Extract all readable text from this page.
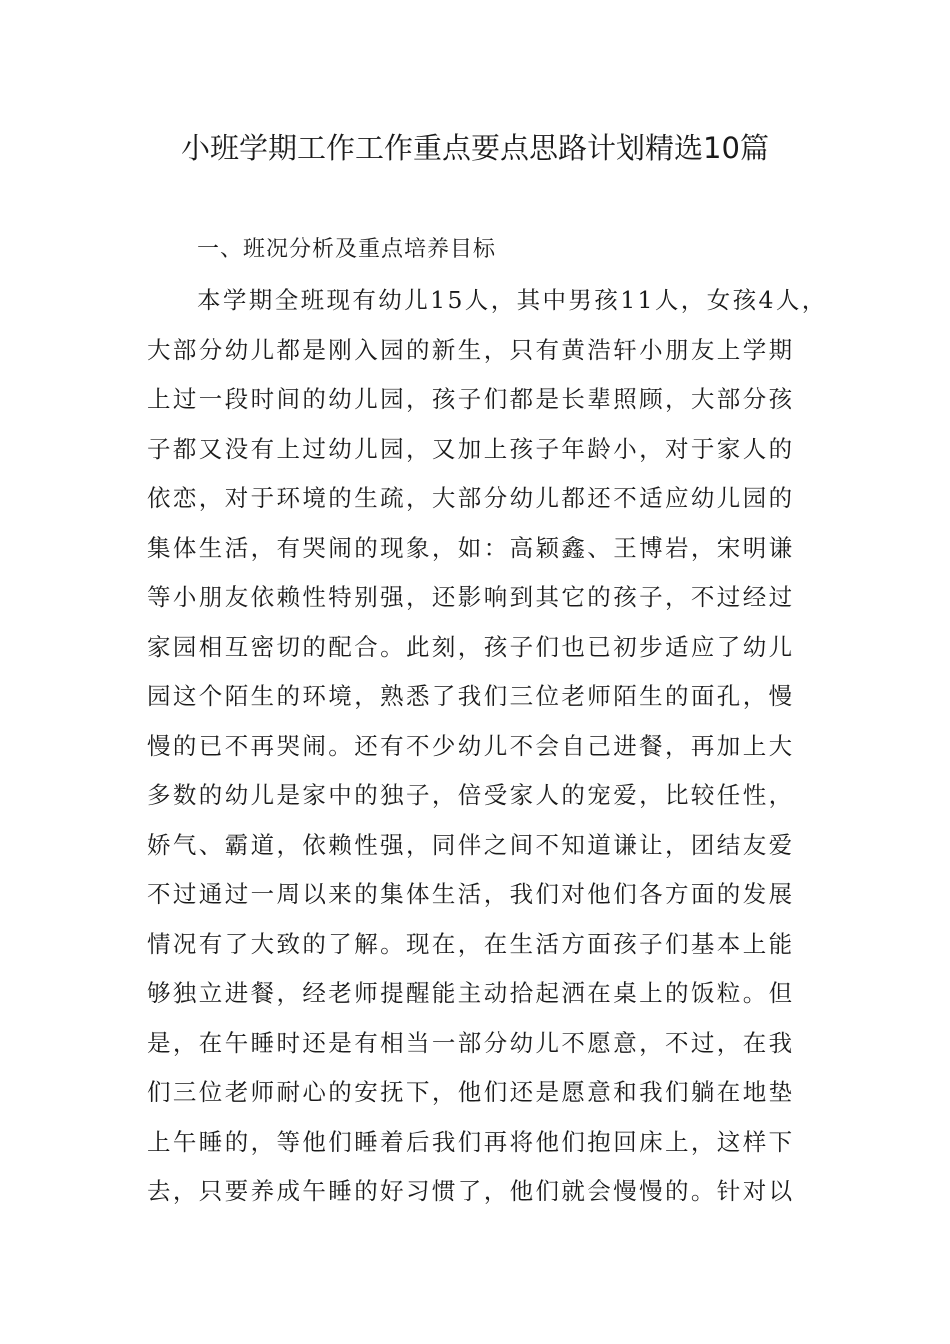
小班学期工作工作重点要点思路计划精选10篇
一、班况分析及重点培养目标
本学期全班现有幼儿15人，其中男孩11人，女孩4人，
大部分幼儿都是刚入园的新生，只有黄浩轩小朋友上学期
上过一段时间的幼儿园，孩子们都是长辈照顾，大部分孩
子都又没有上过幼儿园，又加上孩子年龄小，对于家人的
依恋，对于环境的生疏，大部分幼儿都还不适应幼儿园的
集体生活，有哭闹的现象，如：高颖鑫、王博岩，宋明谦
等小朋友依赖性特别强，还影响到其它的孩子，不过经过
家园相互密切的配合。此刻，孩子们也已初步适应了幼儿
园这个陌生的环境，熟悉了我们三位老师陌生的面孔，慢
慢的已不再哭闹。还有不少幼儿不会自己进餐，再加上大
多数的幼儿是家中的独子，倍受家人的宠爱，比较任性，
娇气、霸道，依赖性强，同伴之间不知道谦让，团结友爱
不过通过一周以来的集体生活，我们对他们各方面的发展
情况有了大致的了解。现在，在生活方面孩子们基本上能
够独立进餐，经老师提醒能主动拾起洒在桌上的饭粒。但
是，在午睡时还是有相当一部分幼儿不愿意，不过，在我
们三位老师耐心的安抚下，他们还是愿意和我们躺在地垫
上午睡的，等他们睡着后我们再将他们抱回床上，这样下
去，只要养成午睡的好习惯了，他们就会慢慢的。针对以
